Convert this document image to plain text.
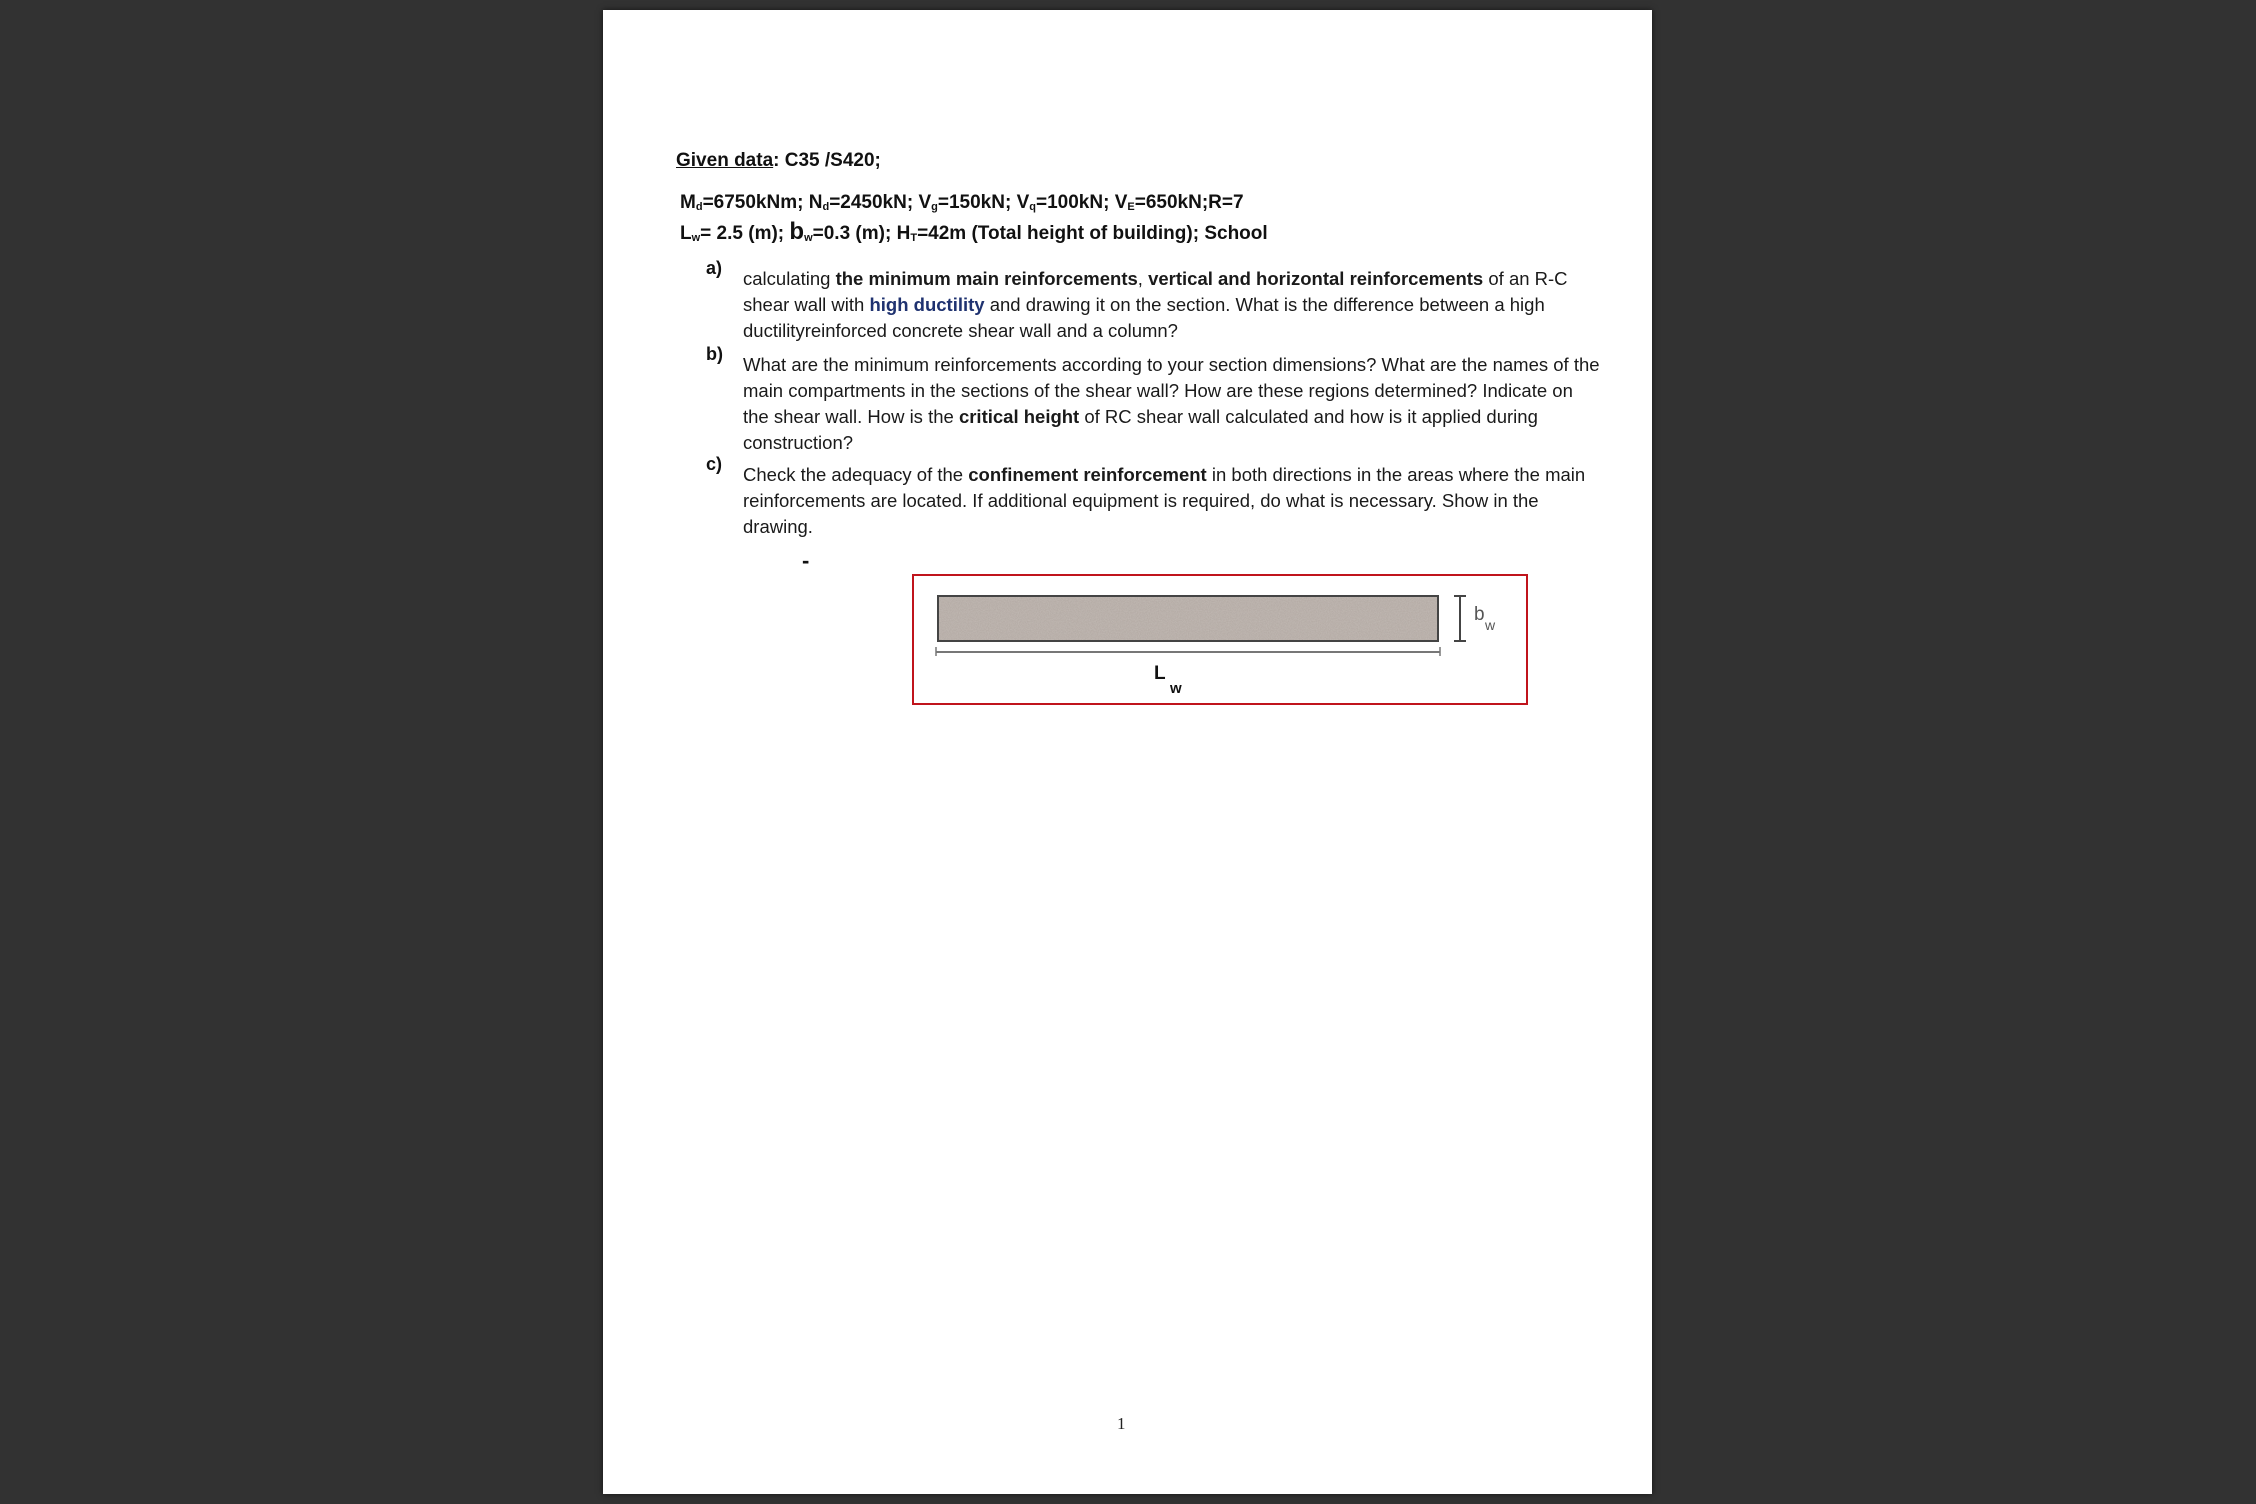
Given data: C35 /S420;
$M_d=6750kNm$; $N_d=2450kN$; $V_g=150kN$; $V_q=100kN$; $V_E=650kN;R=7$
$L_w= 2.5$ (m); $b_w=0.3$ (m); $H_T=42m$ (Total height of building); School
a) calculating the minimum main reinforcements, vertical and horizontal reinforcements of an R-C shear wall with high ductility and drawing it on the section. What is the difference between a high ductilityreinforced concrete shear wall and a column?
b) What are the minimum reinforcements according to your section dimensions? What are the names of the main compartments in the sections of the shear wall? How are these regions determined? Indicate on the shear wall. How is the critical height of RC shear wall calculated and how is it applied during construction?
c) Check the adequacy of the confinement reinforcement in both directions in the areas where the main reinforcements are located. If additional equipment is required, do what is necessary. Show in the drawing.
-
L
w
b w
1
